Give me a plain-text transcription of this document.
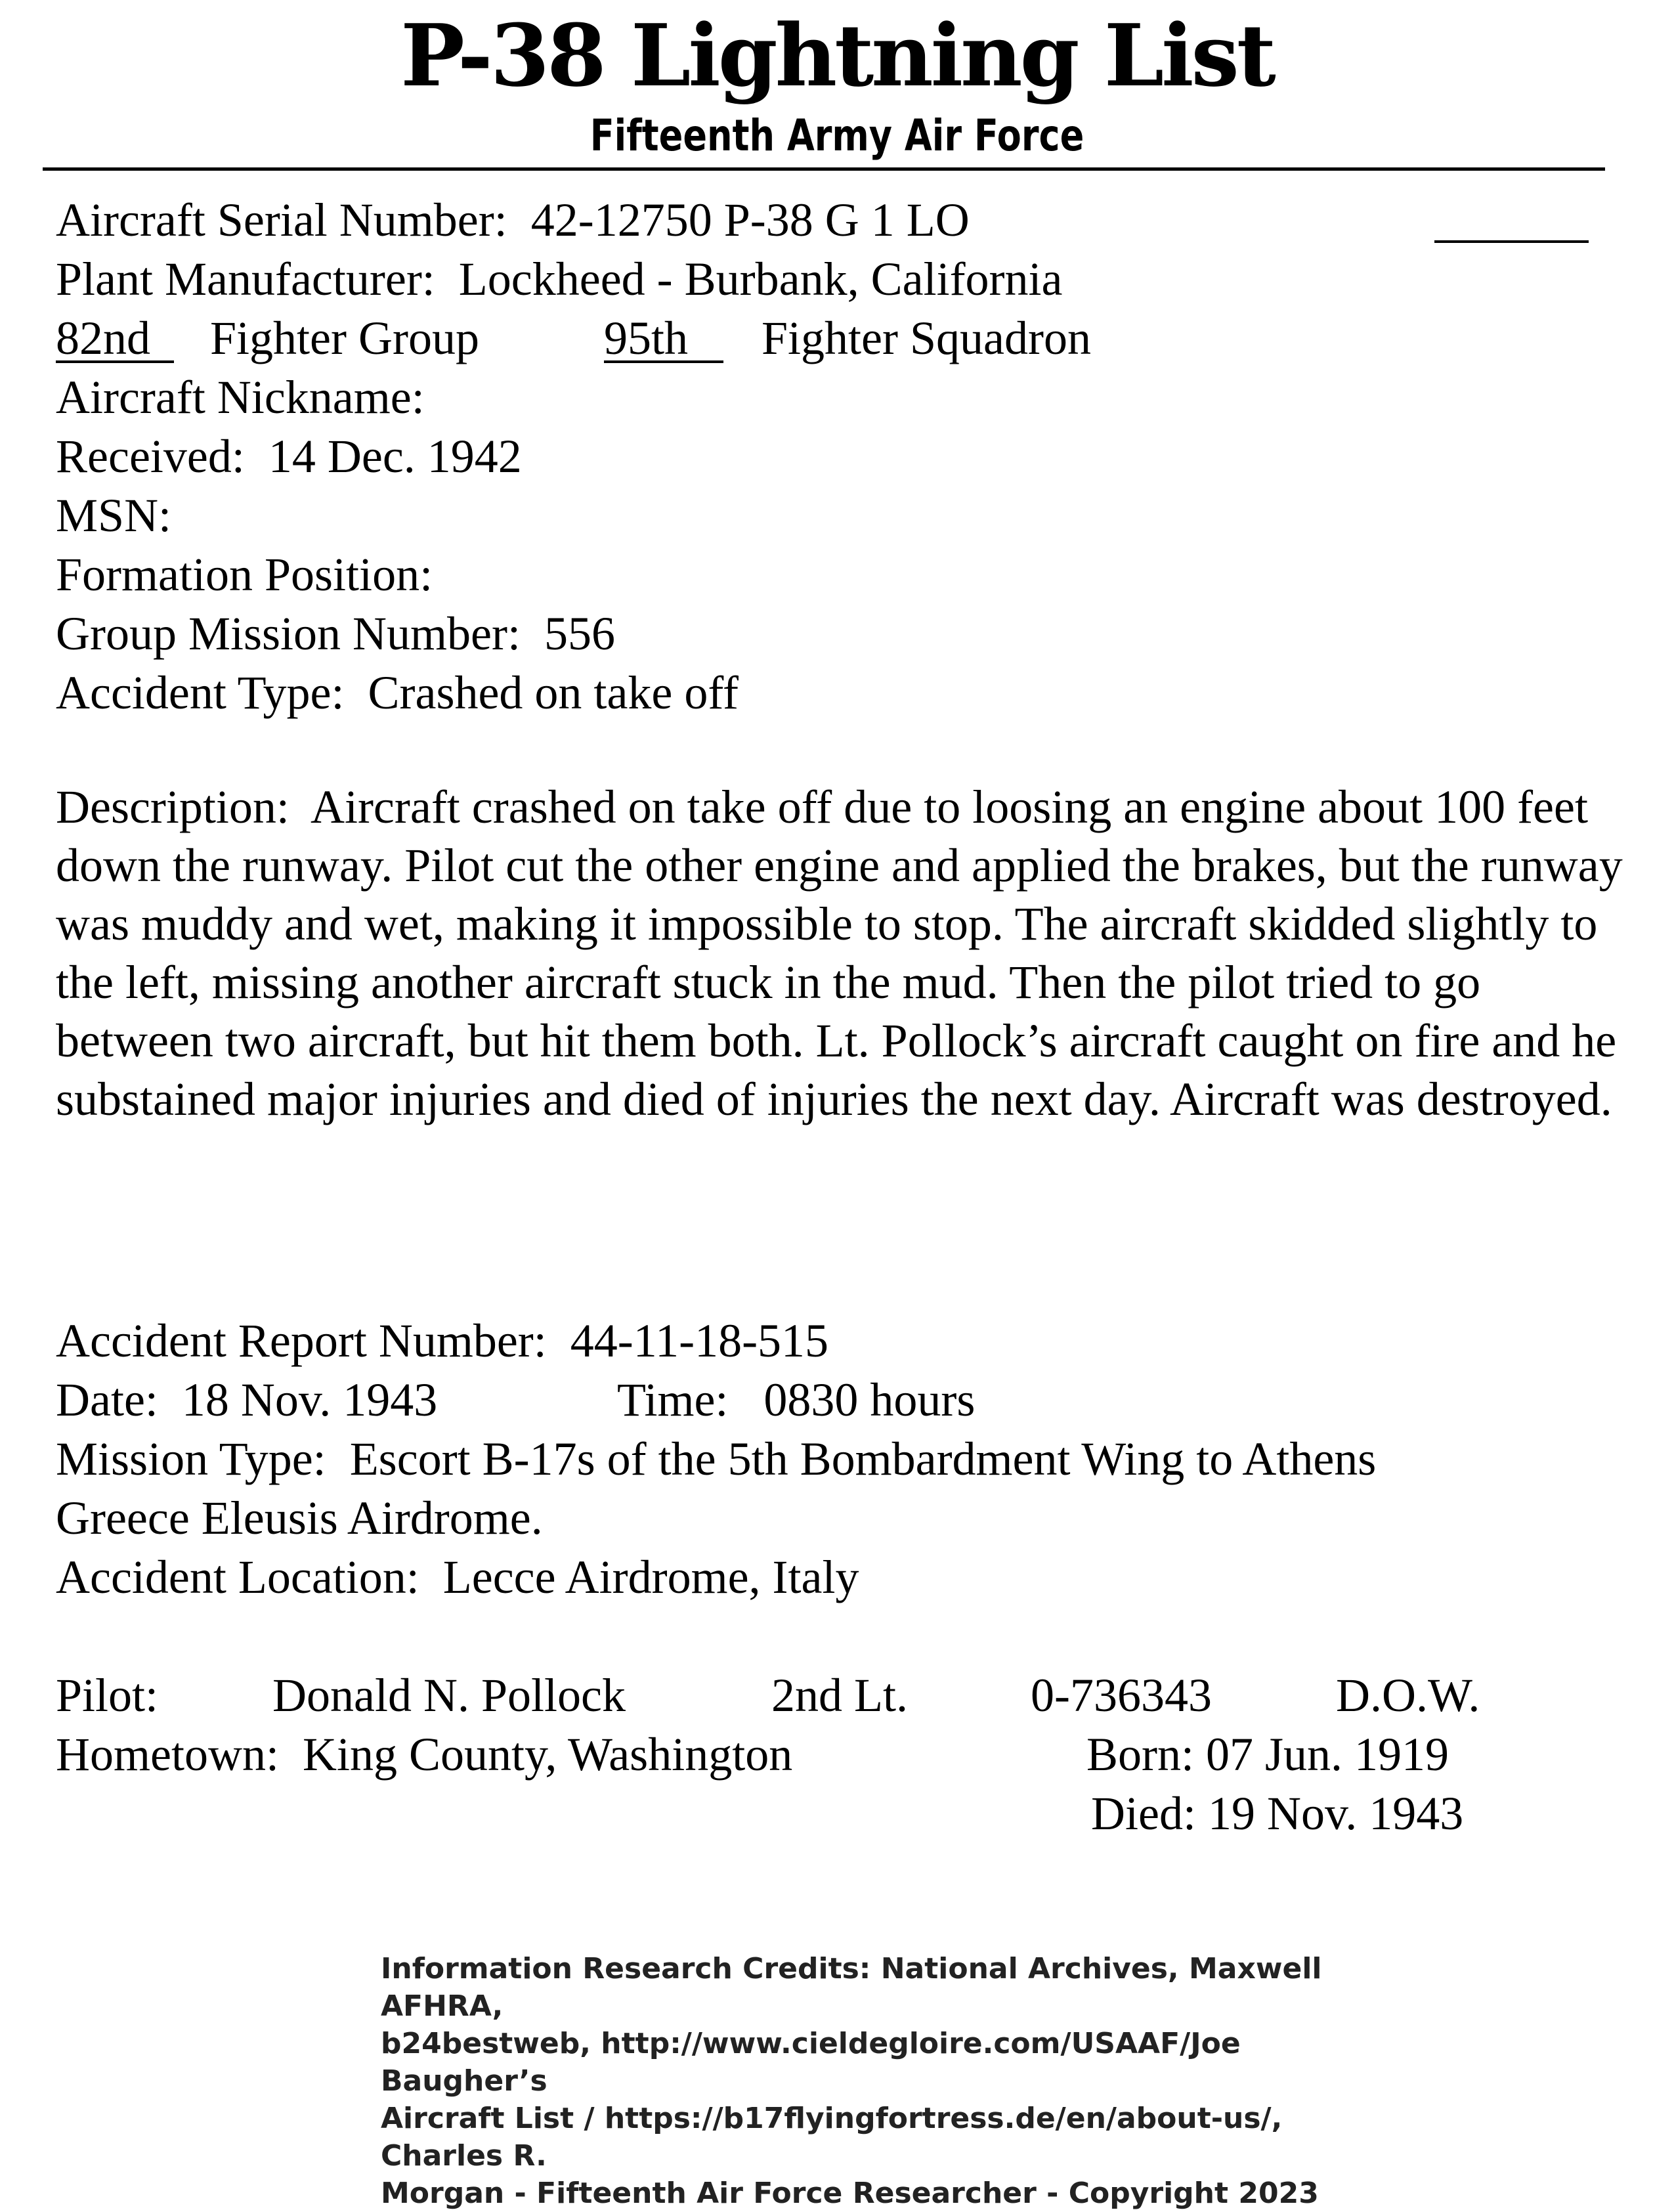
P-38 Lightning List
Fifteenth Army Air Force
Aircraft Serial Number: 42-12750 P-38 G 1 LO
Plant Manufacturer: Lockheed - Burbank, California
82nd	Fighter Group	95th	Fighter Squadron
Aircraft Nickname:
Received: 14 Dec. 1942
MSN:
Formation Position:
Group Mission Number: 556
Accident Type: Crashed on take off
Description: Aircraft crashed on take off due to loosing an engine about 100 feet down the runway. Pilot cut the other engine and applied the brakes, but the runway was muddy and wet, making it impossible to stop. The aircraft skidded slightly to the left, missing another aircraft stuck in the mud. Then the pilot tried to go between two aircraft, but hit them both. Lt. Pollock’s aircraft caught on fire and he substained major injuries and died of injuries the next day. Aircraft was destroyed.
Accident Report Number: 44-11-18-515
Date: 18 Nov. 1943	Time: 0830 hours
Mission Type: Escort B-17s of the 5th Bombardment Wing to Athens
Greece Eleusis Airdrome.
Accident Location: Lecce Airdrome, Italy
Pilot: Donald N. Pollock	2nd Lt.	0-736343	D.O.W.
Hometown: King County, Washington	Born: 07 Jun. 1919
Died: 19 Nov. 1943
Information Research Credits: National Archives, Maxwell AFHRA,
b24bestweb, http://www.cieldegloire.com/USAAF/Joe Baugher’s
Aircraft List / https://b17flyingfortress.de/en/about-us/, Charles R.
Morgan - Fifteenth Air Force Researcher - Copyright 2023
